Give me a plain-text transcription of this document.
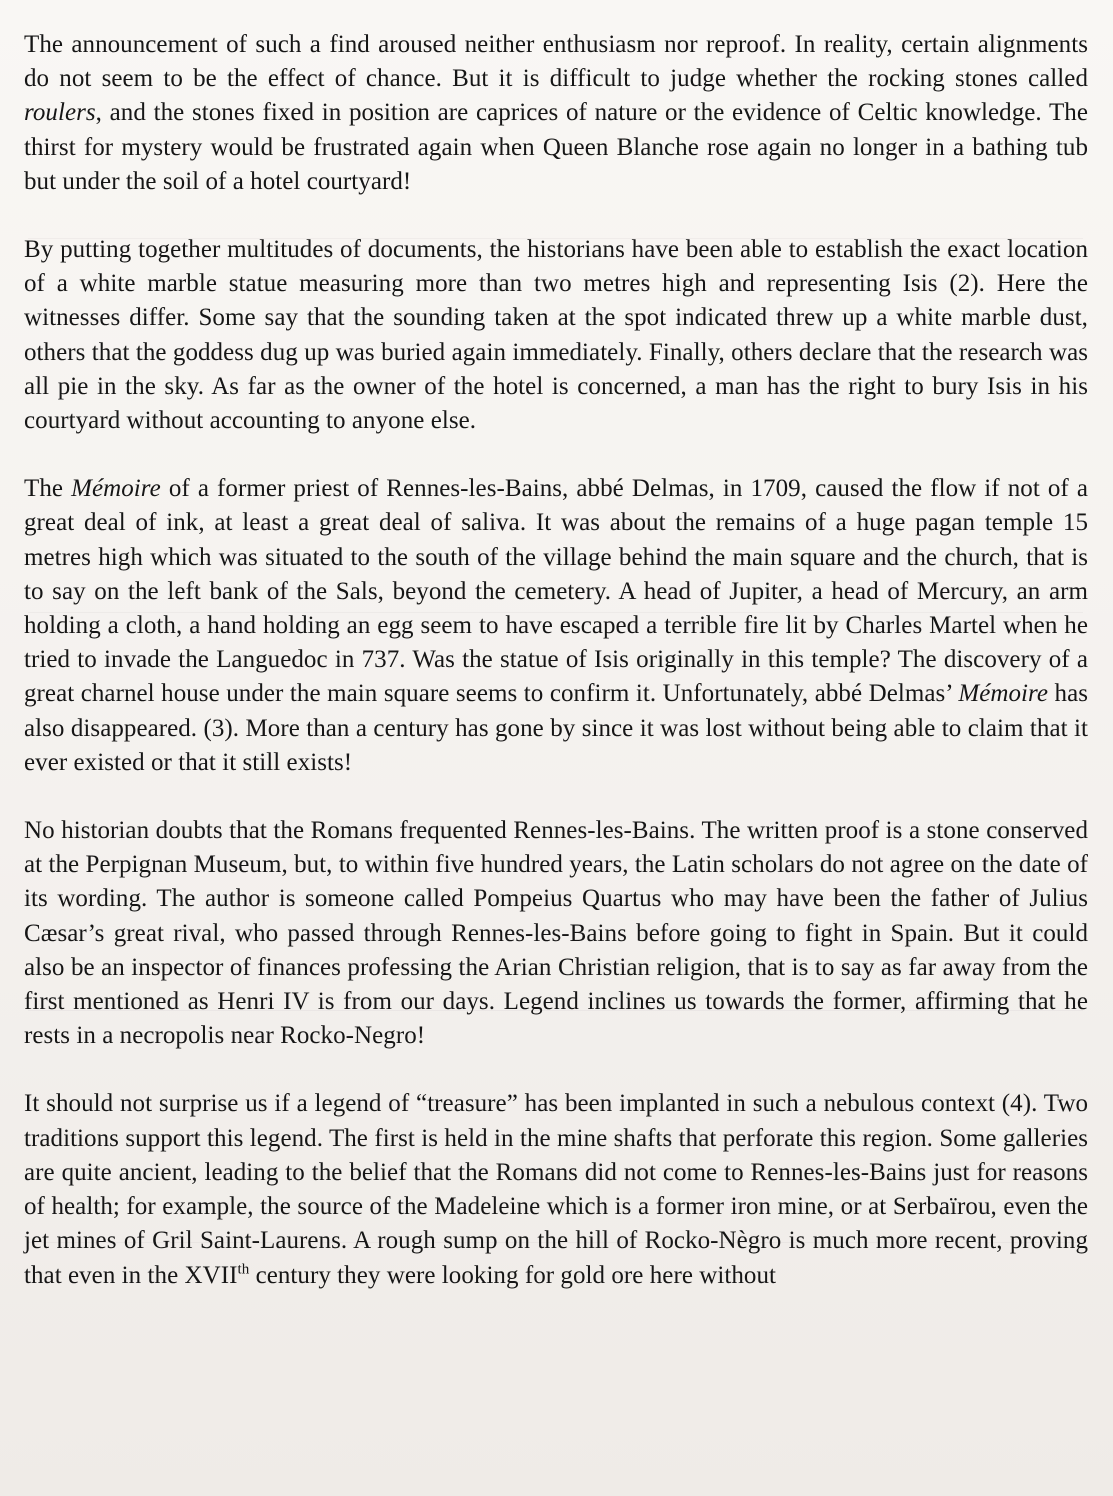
The announcement of such a find aroused neither enthusiasm nor reproof. In reality, certain alignments do not seem to be the effect of chance. But it is difficult to judge whether the rocking stones called roulers, and the stones fixed in position are caprices of nature or the evidence of Celtic knowledge. The thirst for mystery would be frustrated again when Queen Blanche rose again no longer in a bathing tub but under the soil of a hotel courtyard!

By putting together multitudes of documents, the historians have been able to establish the exact location of a white marble statue measuring more than two metres high and representing Isis (2). Here the witnesses differ. Some say that the sounding taken at the spot indicated threw up a white marble dust, others that the goddess dug up was buried again immediately. Finally, others declare that the research was all pie in the sky. As far as the owner of the hotel is concerned, a man has the right to bury Isis in his courtyard without accounting to anyone else.

The Mémoire of a former priest of Rennes-les-Bains, abbé Delmas, in 1709, caused the flow if not of a great deal of ink, at least a great deal of saliva. It was about the remains of a huge pagan temple 15 metres high which was situated to the south of the village behind the main square and the church, that is to say on the left bank of the Sals, beyond the cemetery. A head of Jupiter, a head of Mercury, an arm holding a cloth, a hand holding an egg seem to have escaped a terrible fire lit by Charles Martel when he tried to invade the Languedoc in 737. Was the statue of Isis originally in this temple? The discovery of a great charnel house under the main square seems to confirm it. Unfortunately, abbé Delmas’ Mémoire has also disappeared. (3). More than a century has gone by since it was lost without being able to claim that it ever existed or that it still exists!

No historian doubts that the Romans frequented Rennes-les-Bains. The written proof is a stone conserved at the Perpignan Museum, but, to within five hundred years, the Latin scholars do not agree on the date of its wording. The author is someone called Pompeius Quartus who may have been the father of Julius Cæsar’s great rival, who passed through Rennes-les-Bains before going to fight in Spain. But it could also be an inspector of finances professing the Arian Christian religion, that is to say as far away from the first mentioned as Henri IV is from our days. Legend inclines us towards the former, affirming that he rests in a necropolis near Rocko-Negro!

It should not surprise us if a legend of “treasure” has been implanted in such a nebulous context (4). Two traditions support this legend. The first is held in the mine shafts that perforate this region. Some galleries are quite ancient, leading to the belief that the Romans did not come to Rennes-les-Bains just for reasons of health; for example, the source of the Madeleine which is a former iron mine, or at Serbaïrou, even the jet mines of Gril Saint-Laurens. A rough sump on the hill of Rocko-Nègro is much more recent, proving that even in the XVIIth century they were looking for gold ore here without
